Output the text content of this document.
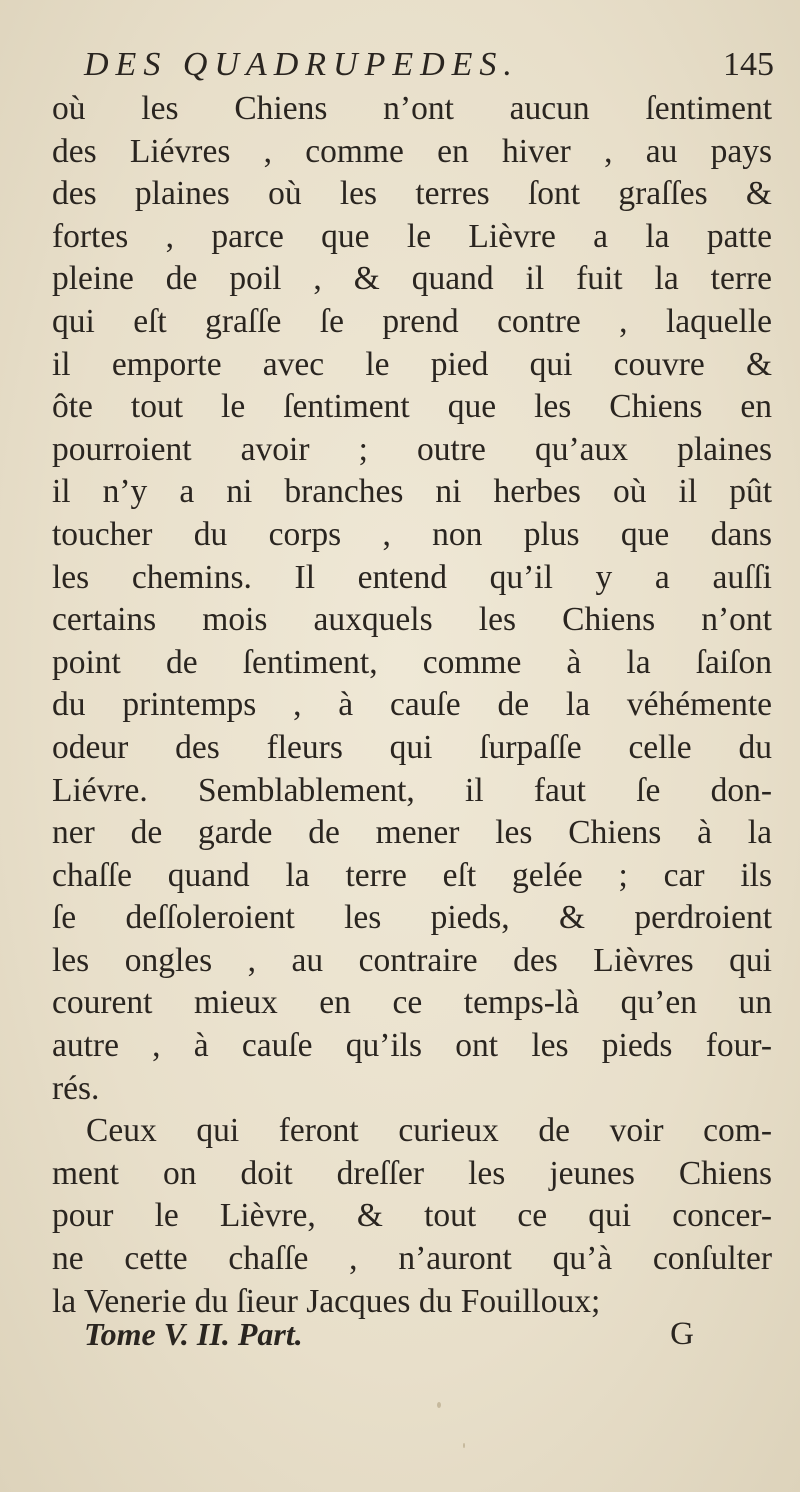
DES QUADRUPEDES.	145
où les Chiens n’ont aucun ſentiment
des Liévres , comme en hiver , au pays
des plaines où les terres ſont graſſes &
fortes , parce que le Lièvre a la patte
pleine de poil , & quand il fuit la terre
qui eſt graſſe ſe prend contre , laquelle
il emporte avec le pied qui couvre &
ôte tout le ſentiment que les Chiens en
pourroient avoir ; outre qu’aux plaines
il n’y a ni branches ni herbes où il pût
toucher du corps , non plus que dans
les chemins. Il entend qu’il y a auſſi
certains mois auxquels les Chiens n’ont
point de ſentiment, comme à la ſaiſon
du printemps , à cauſe de la véhémente
odeur des fleurs qui ſurpaſſe celle du
Liévre. Semblablement, il faut ſe don-
ner de garde de mener les Chiens à la
chaſſe quand la terre eſt gelée ; car ils
ſe deſſoleroient les pieds, & perdroient
les ongles , au contraire des Lièvres qui
courent mieux en ce temps-là qu’en un
autre , à cauſe qu’ils ont les pieds four-
rés.
Ceux qui feront curieux de voir com-
ment on doit dreſſer les jeunes Chiens
pour le Lièvre, & tout ce qui concer-
ne cette chaſſe , n’auront qu’à conſulter
la Venerie du ſieur Jacques du Fouilloux;
Tome V. II. Part.	G
